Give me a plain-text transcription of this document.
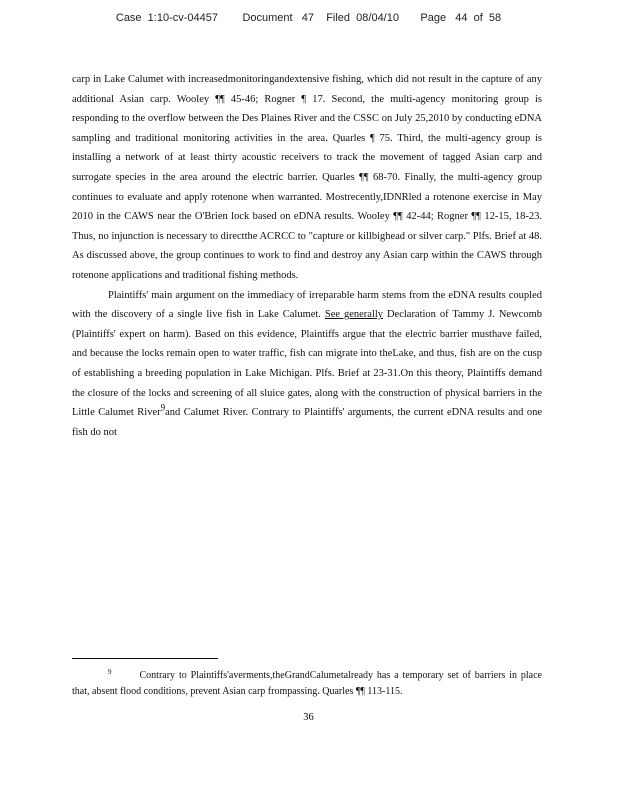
Case  1:10-cv-04457        Document   47    Filed  08/04/10       Page   44  of  58

carp in Lake Calumet with increasedmonitoringandextensive fishing, which did not result in the capture of any additional Asian carp. Wooley ¶¶ 45-46; Rogner ¶ 17. Second, the multi-agency monitoring group is responding to the overflow between the Des Plaines River and the CSSC on July 25,2010 by conducting eDNA sampling and traditional monitoring activities in the area. Quarles ¶ 75. Third, the multi-agency group is installing a network of at least thirty acoustic receivers to track the movement of tagged Asian carp and surrogate species in the area around the electric barrier. Quarles ¶¶ 68-70. Finally, the multi-agency group continues to evaluate and apply rotenone when warranted. Mostrecently,IDNRled a rotenone exercise in May 2010 in the CAWS near the O'Brien lock based on eDNA results. Wooley ¶¶ 42-44; Rogner ¶¶ 12-15, 18-23. Thus, no injunction is necessary to directthe ACRCC to "capture or killbighead or silver carp." Plfs. Brief at 48. As discussed above, the group continues to work to find and destroy any Asian carp within the CAWS through rotenone applications and traditional fishing methods.

Plaintiffs' main argument on the immediacy of irreparable harm stems from the eDNA results coupled with the discovery of a single live fish in Lake Calumet. See generally Declaration of Tammy J. Newcomb (Plaintiffs' expert on harm). Based on this evidence, Plaintiffs argue that the electric barrier musthave failed, and because the locks remain open to water traffic, fish can migrate into theLake, and thus, fish are on the cusp of establishing a breeding population in Lake Michigan. Plfs. Brief at 23-31.On this theory, Plaintiffs demand the closure of the locks and screening of all sluice gates, along with the construction of physical barriers in the Little Calumet River9and Calumet River. Contrary to Plaintiffs' arguments, the current eDNA results and one fish do not

$^9$	Contrary to Plaintiffs'averments,theGrandCalumetalready has a temporary set of barriers in place that, absent flood conditions, prevent Asian carp frompassing. Quarles ¶¶ 113-115.
36
